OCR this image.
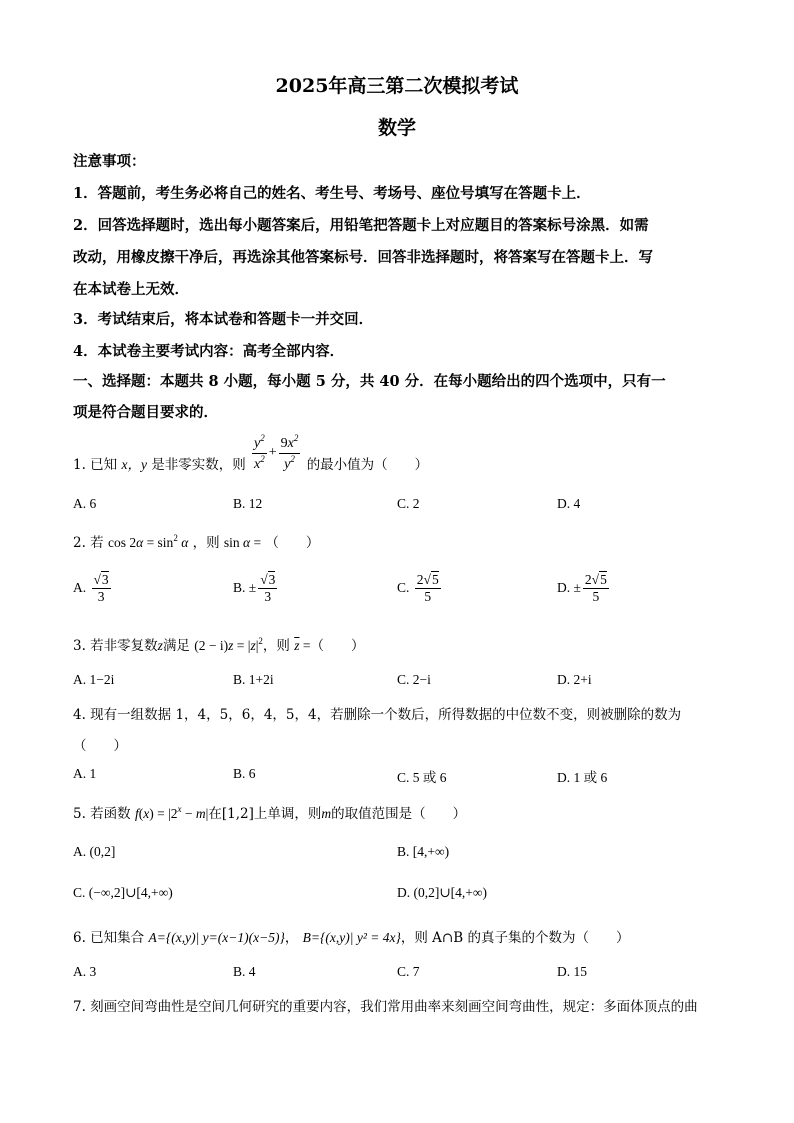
2025年高三第二次模拟考试
数学
注意事项：
1．答题前，考生务必将自己的姓名、考生号、考场号、座位号填写在答题卡上．
2．回答选择题时，选出每小题答案后，用铅笔把答题卡上对应题目的答案标号涂黑．如需
改动，用橡皮擦干净后，再选涂其他答案标号．回答非选择题时，将答案写在答题卡上．写
在本试卷上无效．
3．考试结束后，将本试卷和答题卡一并交回．
4．本试卷主要考试内容：高考全部内容．
一、选择题：本题共 8 小题，每小题 5 分，共 40 分．在每小题给出的四个选项中，只有一
项是符合题目要求的．
1. 已知 x，y 是非零实数，则 $\frac{y^2}{x^2} + \frac{9x^2}{y^2}$ 的最小值为（　　）
A. 6	B. 12	C. 2	D. 4
2. 若 $\cos 2\alpha = \sin^2 \alpha$ ，则 sin α = （　　）
A. $\frac{√3}{3}$	B. ± $\frac{√3}{3}$	C. $\frac{2√5}{5}$	D. ± $\frac{2√5}{5}$
3. 若非零复数z满足 $(2 - i)z = |z|^2$，则 $\overline{z}$ =（　　）
A. 1−2i	B. 1+2i	C. 2−i	D. 2+i
4. 现有一组数据 1，4，5，6，4，5，4，若删除一个数后，所得数据的中位数不变，则被删除的数为
（　　）
A. 1	B. 6	C. 5 或 6	D. 1 或 6
5. 若函数 $f(x) = |2^x - m|$在[1,2]上单调，则m的取值范围是（　　）
A. (0,2]	B. [4,+∞)
C. (−∞,2]∪[4,+∞)	D. (0,2]∪[4,+∞)
6. 已知集合 A={(x,y)| y=(x−1)(x−5)}， B={(x,y)| y² = 4x}，则 A∩B 的真子集的个数为（　　）
A. 3	B. 4	C. 7	D. 15
7. 刻画空间弯曲性是空间几何研究的重要内容，我们常用曲率来刻画空间弯曲性，规定：多面体顶点的曲
